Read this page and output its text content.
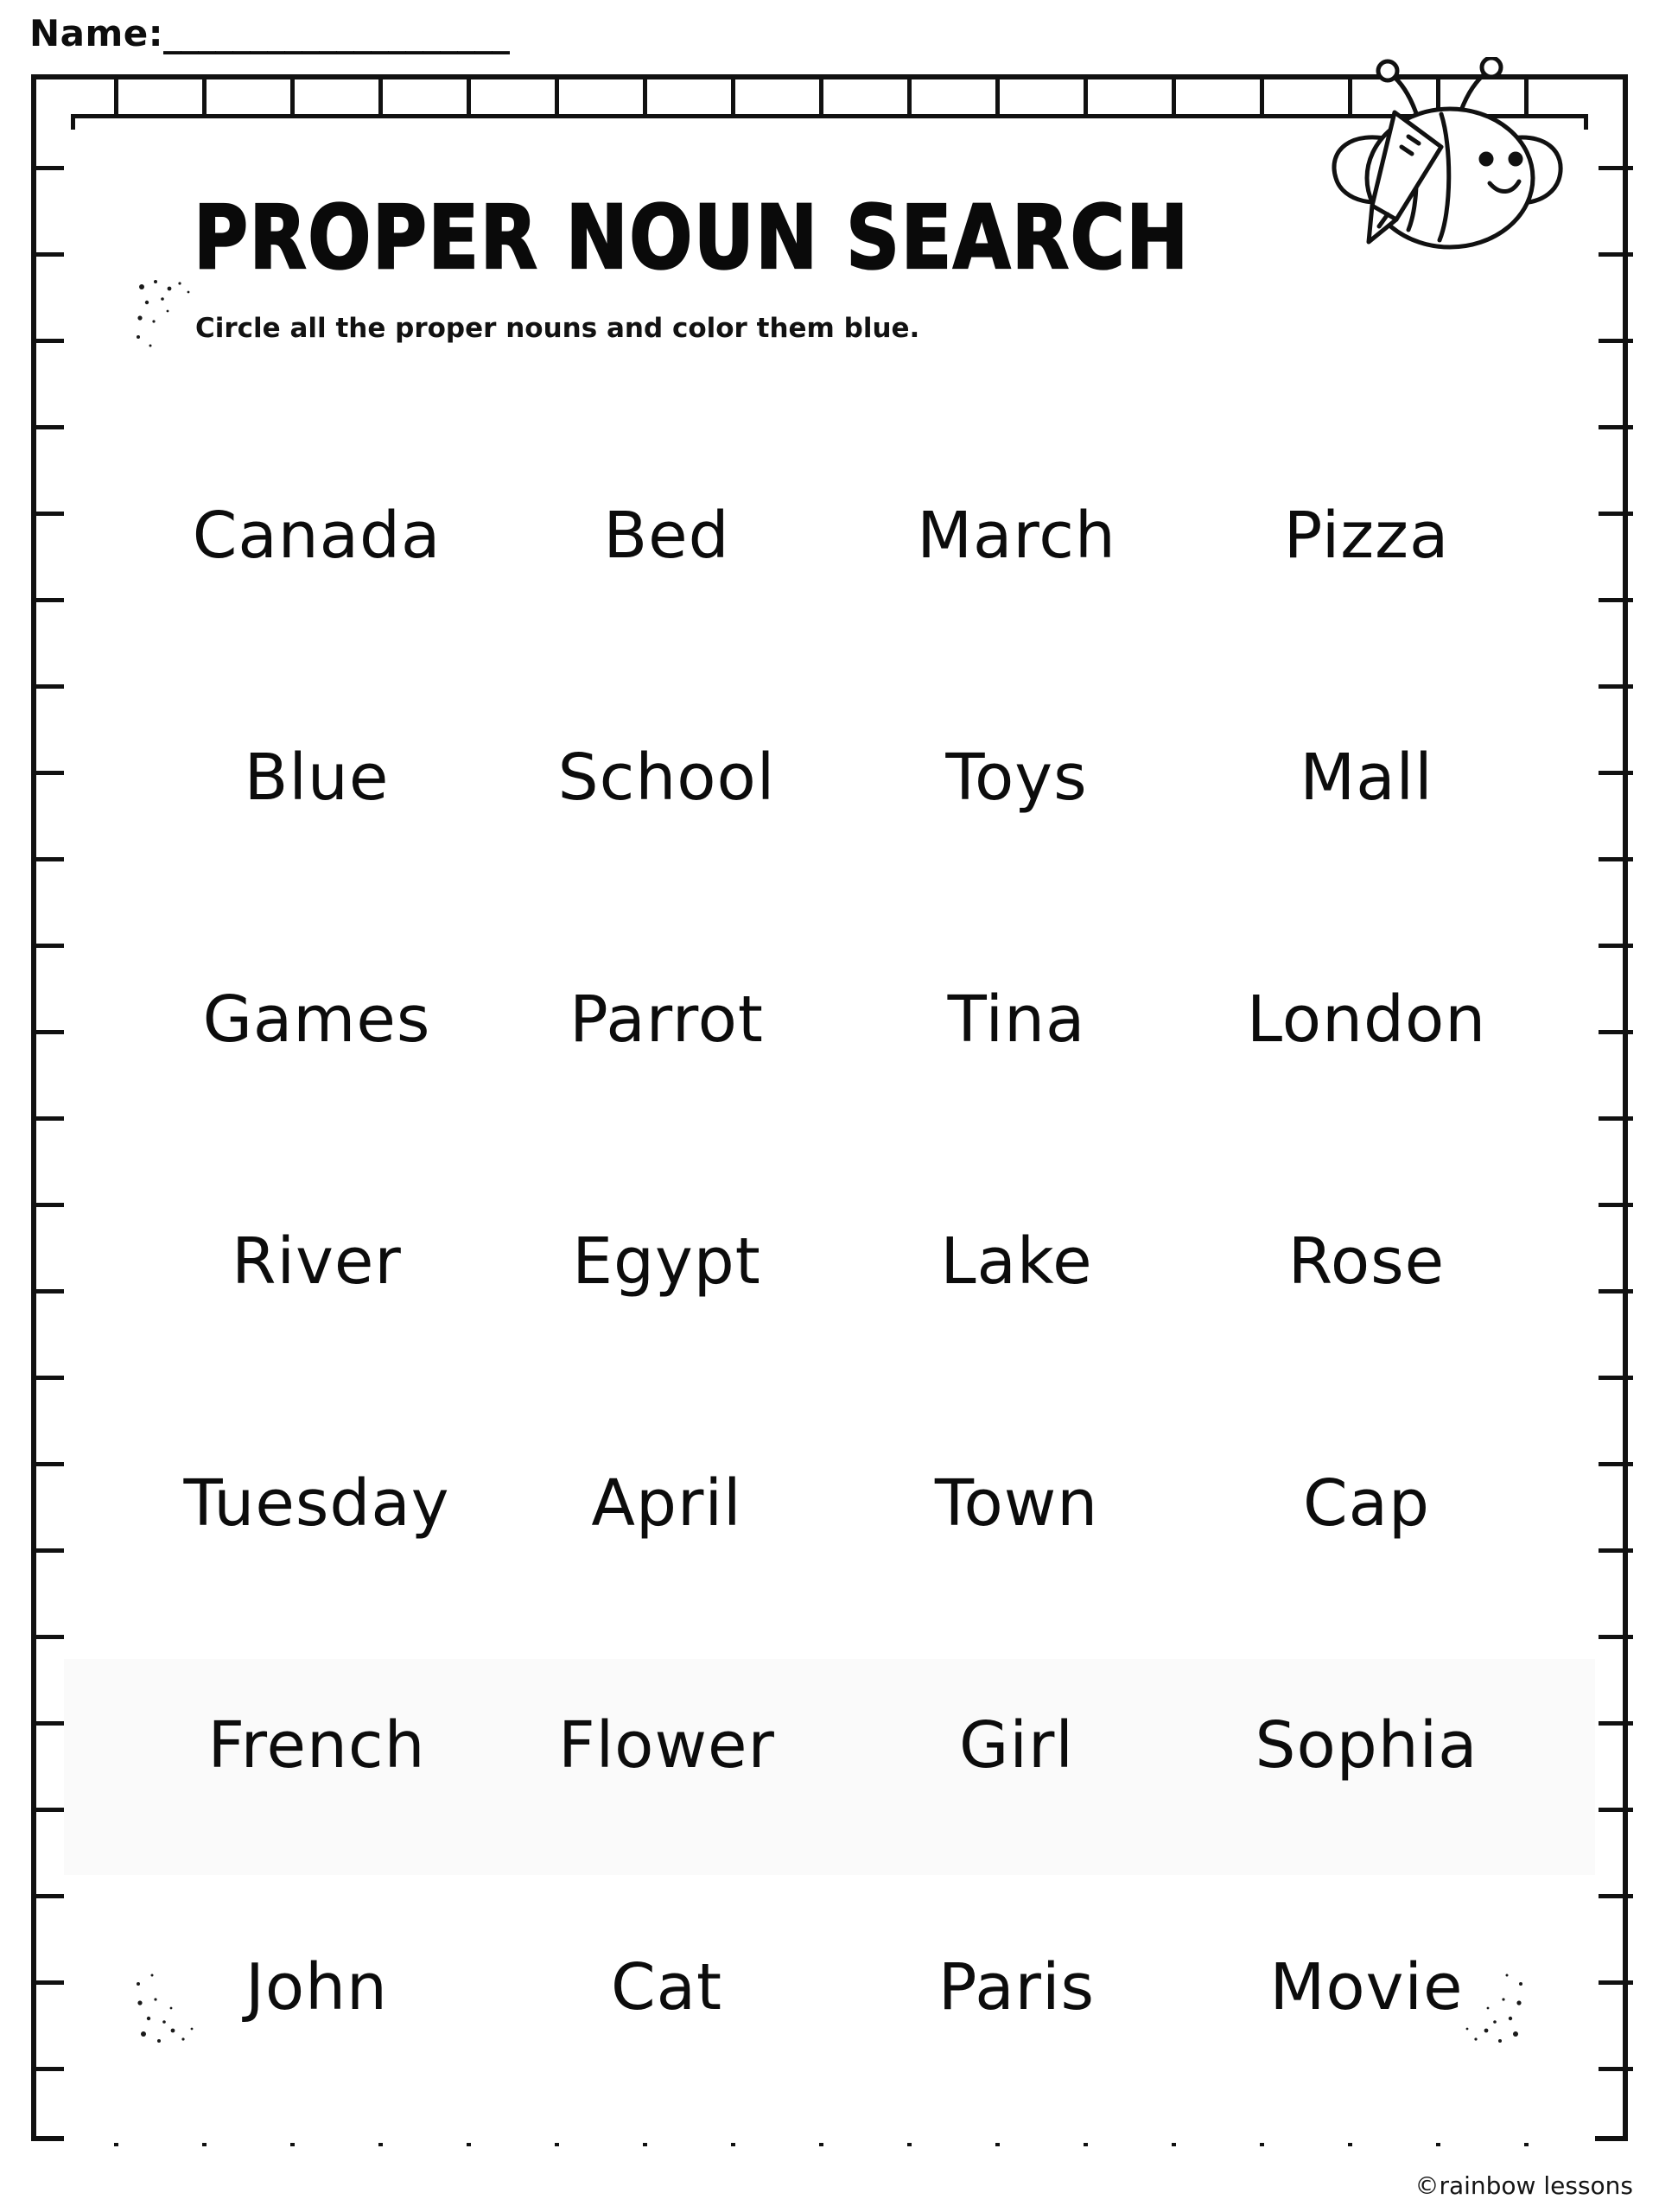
Name:____________________
PROPER NOUN SEARCH
Circle all the proper nouns and color them blue.
Canada	Bed	March	Pizza
Blue	School	Toys	Mall
Games	Parrot	Tina	London
River	Egypt	Lake	Rose
Tuesday	April	Town	Cap
French	Flower	Girl	Sophia
John	Cat	Paris	Movie
©rainbow lessons
